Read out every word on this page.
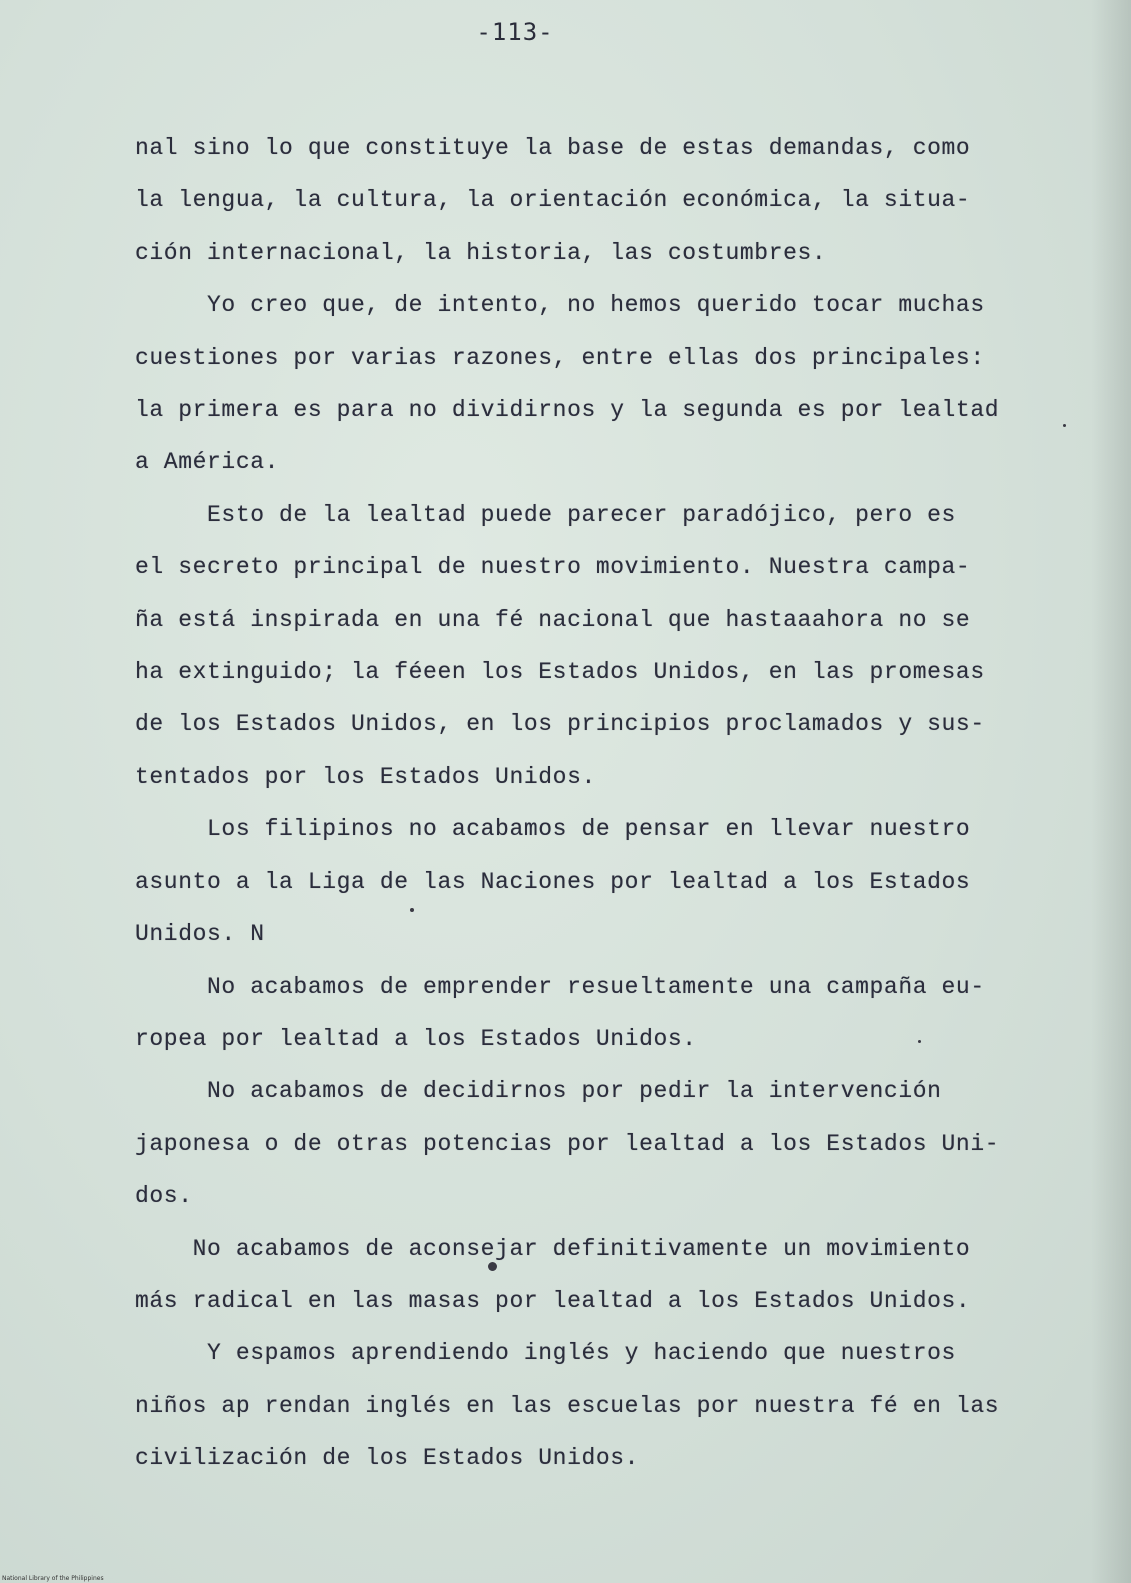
-113-

nal sino lo que constituye la base de estas demandas, como

la lengua, la cultura, la orientación económica, la situa-

ción internacional, la historia, las costumbres.

Yo creo que, de intento, no hemos querido tocar muchas

cuestiones por varias razones, entre ellas dos principales:

la primera es para no dividirnos y la segunda es por lealtad

a América.

Esto de la lealtad puede parecer paradójico, pero es

el secreto principal de nuestro movimiento. Nuestra campa-

ña está inspirada en una fé nacional que hastaaahora no se

ha extinguido; la féeen los Estados Unidos, en las promesas

de los Estados Unidos, en los principios proclamados y sus-

tentados por los Estados Unidos.

Los filipinos no acabamos de pensar en llevar nuestro

asunto a la Liga de las Naciones por lealtad a los Estados

Unidos. N

No acabamos de emprender resueltamente una campaña eu-

ropea por lealtad a los Estados Unidos.

No acabamos de decidirnos por pedir la intervención

japonesa o de otras potencias por lealtad a los Estados Uni-

dos.

No acabamos de aconsejar definitivamente un movimiento

más radical en las masas por lealtad a los Estados Unidos.

Y espamos aprendiendo inglés y haciendo que nuestros

niños ap rendan inglés en las escuelas por nuestra fé en las

civilización de los Estados Unidos.

National Library of the Philippines
